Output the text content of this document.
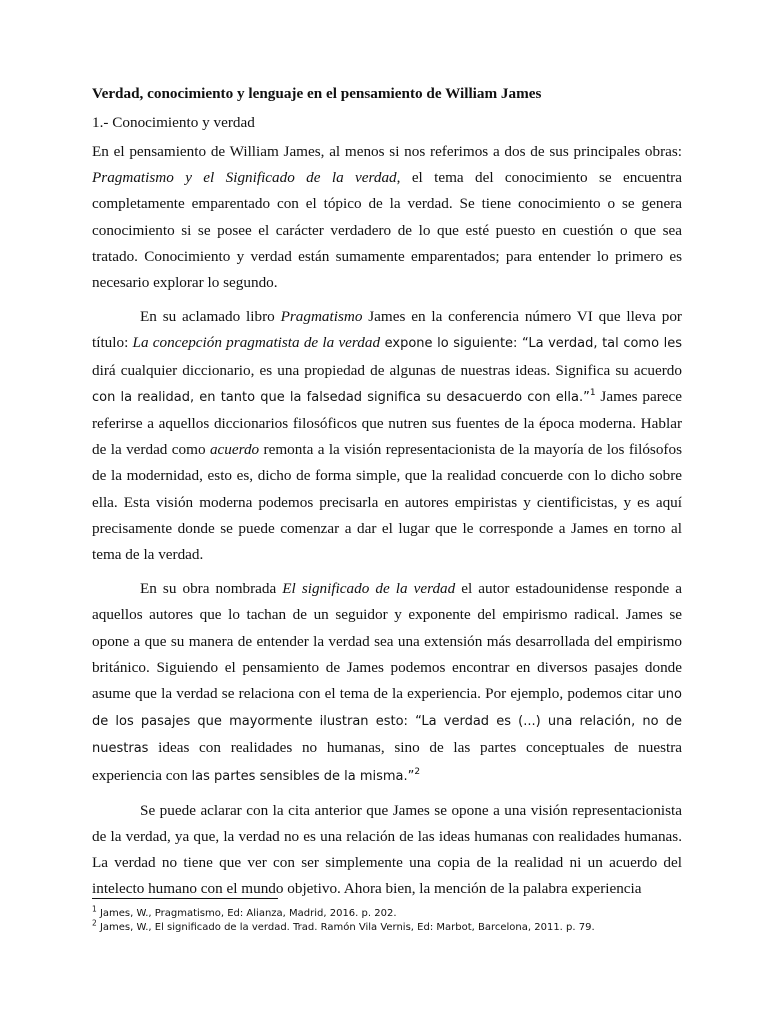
Verdad, conocimiento y lenguaje en el pensamiento de William James
1.- Conocimiento y verdad

En el pensamiento de William James, al menos si nos referimos a dos de sus principales obras: Pragmatismo y el Significado de la verdad, el tema del conocimiento se encuentra completamente emparentado con el tópico de la verdad. Se tiene conocimiento o se genera conocimiento si se posee el carácter verdadero de lo que esté puesto en cuestión o que sea tratado. Conocimiento y verdad están sumamente emparentados; para entender lo primero es necesario explorar lo segundo.

En su aclamado libro Pragmatismo James en la conferencia número VI que lleva por título: La concepción pragmatista de la verdad expone lo siguiente: “La verdad, tal como les dirá cualquier diccionario, es una propiedad de algunas de nuestras ideas. Significa su acuerdo con la realidad, en tanto que la falsedad significa su desacuerdo con ella.”$^1$ James parece referirse a aquellos diccionarios filosóficos que nutren sus fuentes de la época moderna. Hablar de la verdad como acuerdo remonta a la visión representacionista de la mayoría de los filósofos de la modernidad, esto es, dicho de forma simple, que la realidad concuerde con lo dicho sobre ella. Esta visión moderna podemos precisarla en autores empiristas y cientificistas, y es aquí precisamente donde se puede comenzar a dar el lugar que le corresponde a James en torno al tema de la verdad.

En su obra nombrada El significado de la verdad el autor estadounidense responde a aquellos autores que lo tachan de un seguidor y exponente del empirismo radical. James se opone a que su manera de entender la verdad sea una extensión más desarrollada del empirismo británico. Siguiendo el pensamiento de James podemos encontrar en diversos pasajes donde asume que la verdad se relaciona con el tema de la experiencia. Por ejemplo, podemos citar uno de los pasajes que mayormente ilustran esto: “La verdad es (...) una relación, no de nuestras ideas con realidades no humanas, sino de las partes conceptuales de nuestra experiencia con las partes sensibles de la misma.”$^2$

Se puede aclarar con la cita anterior que James se opone a una visión representacionista de la verdad, ya que, la verdad no es una relación de las ideas humanas con realidades humanas. La verdad no tiene que ver con ser simplemente una copia de la realidad ni un acuerdo del intelecto humano con el mundo objetivo. Ahora bien, la mención de la palabra experiencia

$^1$ James, W., Pragmatismo, Ed: Alianza, Madrid, 2016. p. 202.

$^2$ James, W., El significado de la verdad. Trad. Ramón Vila Vernis, Ed: Marbot, Barcelona, 2011. p. 79.
